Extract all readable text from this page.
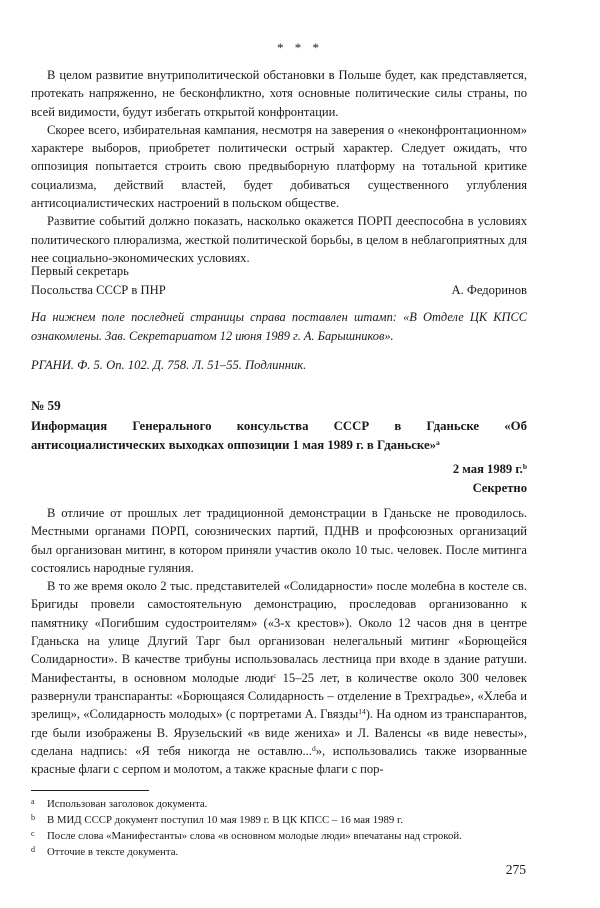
* * *

В целом развитие внутриполитической обстановки в Польше будет, как представляется, протекать напряженно, не бесконфликтно, хотя основные политические силы страны, по всей видимости, будут избегать открытой конфронтации.

Скорее всего, избирательная кампания, несмотря на заверения о «неконфронтационном» характере выборов, приобретет политически острый характер. Следует ожидать, что оппозиция попытается строить свою предвыборную платформу на тотальной критике социализма, действий властей, будет добиваться существенного углубления антисоциалистических настроений в польском обществе.

Развитие событий должно показать, насколько окажется ПОРП дееспособна в условиях политического плюрализма, жесткой политической борьбы, в целом в неблагоприятных для нее социально-экономических условиях.

Первый секретарь
Посольства СССР в ПНР	А. Федоринов
На нижнем поле последней страницы справа поставлен штамп: «В Отделе ЦК КПСС ознакомлены. Зав. Секретариатом 12 июня 1989 г. А. Барышников».
РГАНИ. Ф. 5. Оп. 102. Д. 758. Л. 51–55. Подлинник.
№ 59
Информация Генерального консульства СССР в Гданьске «Об антисоциалистических выходках оппозиции 1 мая 1989 г. в Гданьске»$^a$
2 мая 1989 г.$^b$
Секретно

В отличие от прошлых лет традиционной демонстрации в Гданьске не проводилось. Местными органами ПОРП, союзнических партий, ПДНВ и профсоюзных организаций был организован митинг, в котором приняли участив около 10 тыс. человек. После митинга состоялись народные гуляния.

В то же время около 2 тыс. представителей «Солидарности» после молебна в костеле св. Бригиды провели самостоятельную демонстрацию, проследовав организованно к памятнику «Погибшим судостроителям» («3-х крестов»). Около 12 часов дня в центре Гданьска на улице Длугий Тарг был организован нелегальный митинг «Борющейся Солидарности». В качестве трибуны использовалась лестница при входе в здание ратуши. Манифестанты, в основном молодые люди$^c$ 15–25 лет, в количестве около 300 человек развернули транспаранты: «Борющаяся Солидарность – отделение в Трехградье», «Хлеба и зрелищ», «Солидарность молодых» (с портретами А. Гвязды$^{14}$). На одном из транспарантов, где были изображены В. Ярузельский «в виде жениха» и Л. Валенсы «в виде невесты», сделана надпись: «Я тебя никогда не оставлю...$^d$», использовались также изорванные красные флаги с серпом и молотом, а также красные флаги с пор-

a Использован заголовок документа.
b В МИД СССР документ поступил 10 мая 1989 г. В ЦК КПСС – 16 мая 1989 г.
c После слова «Манифестанты» слова «в основном молодые люди» впечатаны над строкой.
d Отточие в тексте документа.
275
